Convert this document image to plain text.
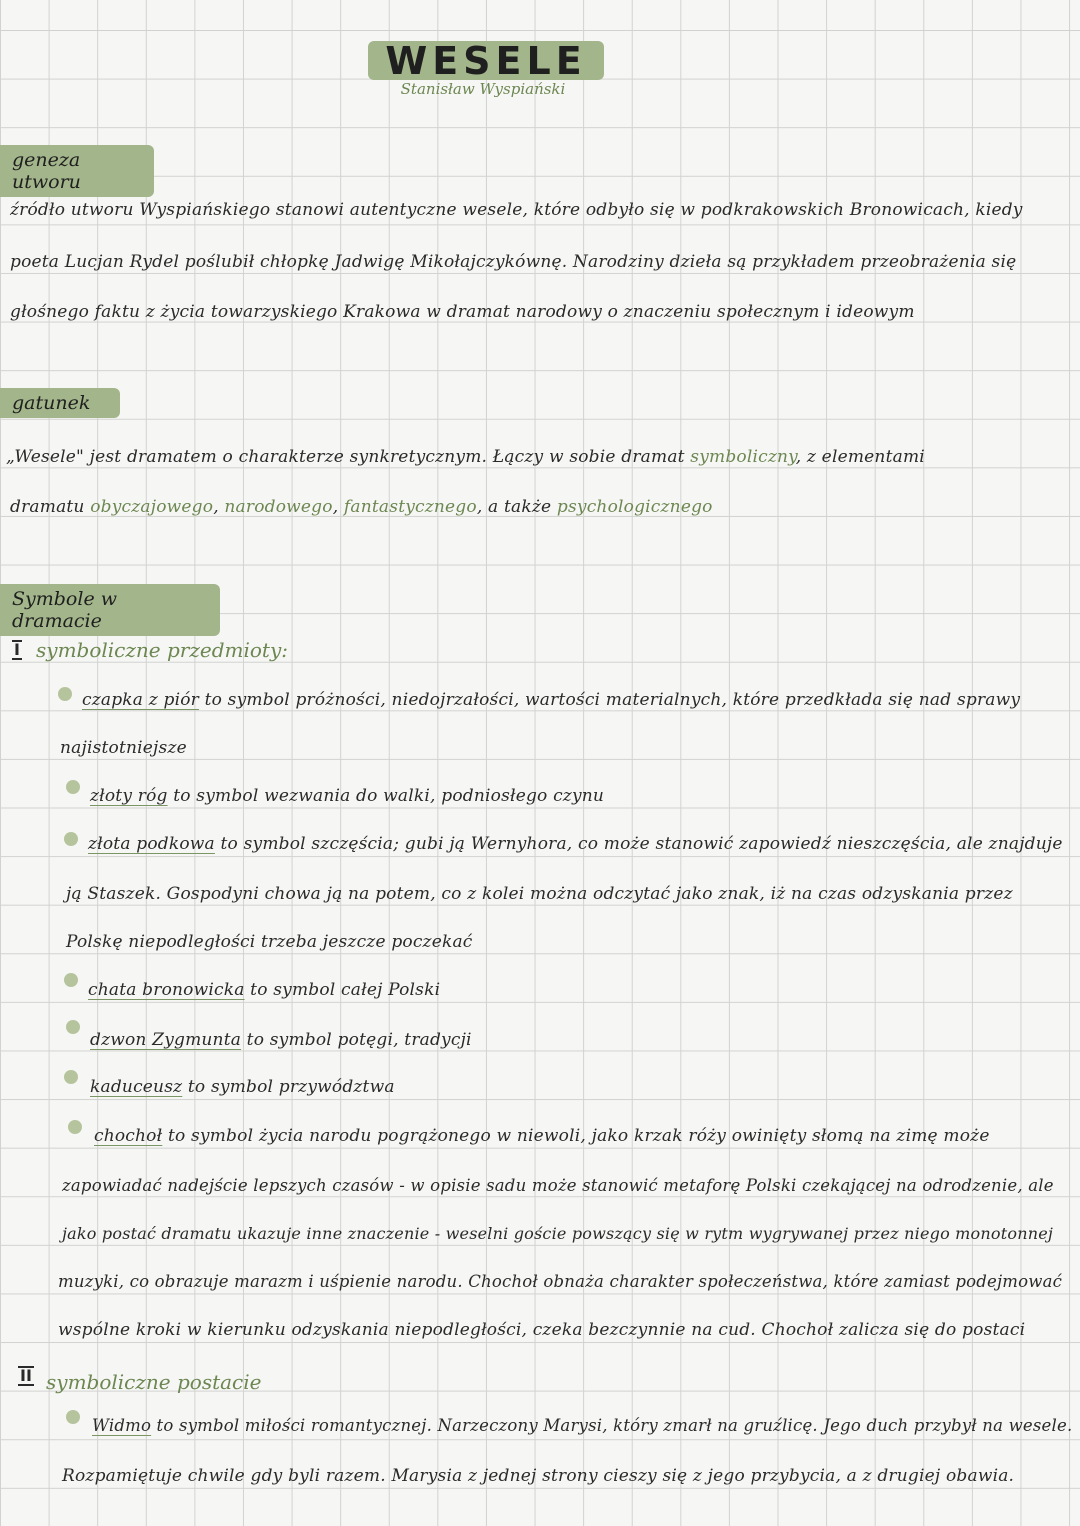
WESELE
Stanisław Wyspiański
geneza utworu
źródło utworu Wyspiańskiego stanowi autentyczne wesele, które odbyło się w podkrakowskich Bronowicach, kiedy
poeta Lucjan Rydel poślubił chłopkę Jadwigę Mikołajczykównę. Narodziny dzieła są przykładem przeobrażenia się
głośnego faktu z życia towarzyskiego Krakowa w dramat narodowy o znaczeniu społecznym i ideowym
gatunek
„Wesele" jest dramatem o charakterze synkretycznym. Łączy w sobie dramat symboliczny, z elementami
dramatu obyczajowego, narodowego, fantastycznego, a także psychologicznego
Symbole w dramacie
I symboliczne przedmioty:
czapka z piór to symbol próżności, niedojrzałości, wartości materialnych, które przedkłada się nad sprawy
najistotniejsze
złoty róg to symbol wezwania do walki, podniosłego czynu
złota podkowa to symbol szczęścia; gubi ją Wernyhora, co może stanowić zapowiedź nieszczęścia, ale znajduje
ją Staszek. Gospodyni chowa ją na potem, co z kolei można odczytać jako znak, iż na czas odzyskania przez
Polskę niepodległości trzeba jeszcze poczekać
chata bronowicka to symbol całej Polski
dzwon Zygmunta to symbol potęgi, tradycji
kaduceusz to symbol przywództwa
chochoł to symbol życia narodu pogrążonego w niewoli, jako krzak róży owinięty słomą na zimę może
zapowiadać nadejście lepszych czasów - w opisie sadu może stanowić metaforę Polski czekającej na odrodzenie, ale
jako postać dramatu ukazuje inne znaczenie - weselni goście powszący się w rytm wygrywanej przez niego monotonnej
muzyki, co obrazuje marazm i uśpienie narodu. Chochoł obnaża charakter społeczeństwa, które zamiast podejmować
wspólne kroki w kierunku odzyskania niepodległości, czeka bezczynnie na cud. Chochoł zalicza się do postaci
II symboliczne postacie
Widmo to symbol miłości romantycznej. Narzeczony Marysi, który zmarł na gruźlicę. Jego duch przybył na wesele.
Rozpamiętuje chwile gdy byli razem. Marysia z jednej strony cieszy się z jego przybycia, a z drugiej obawia.
